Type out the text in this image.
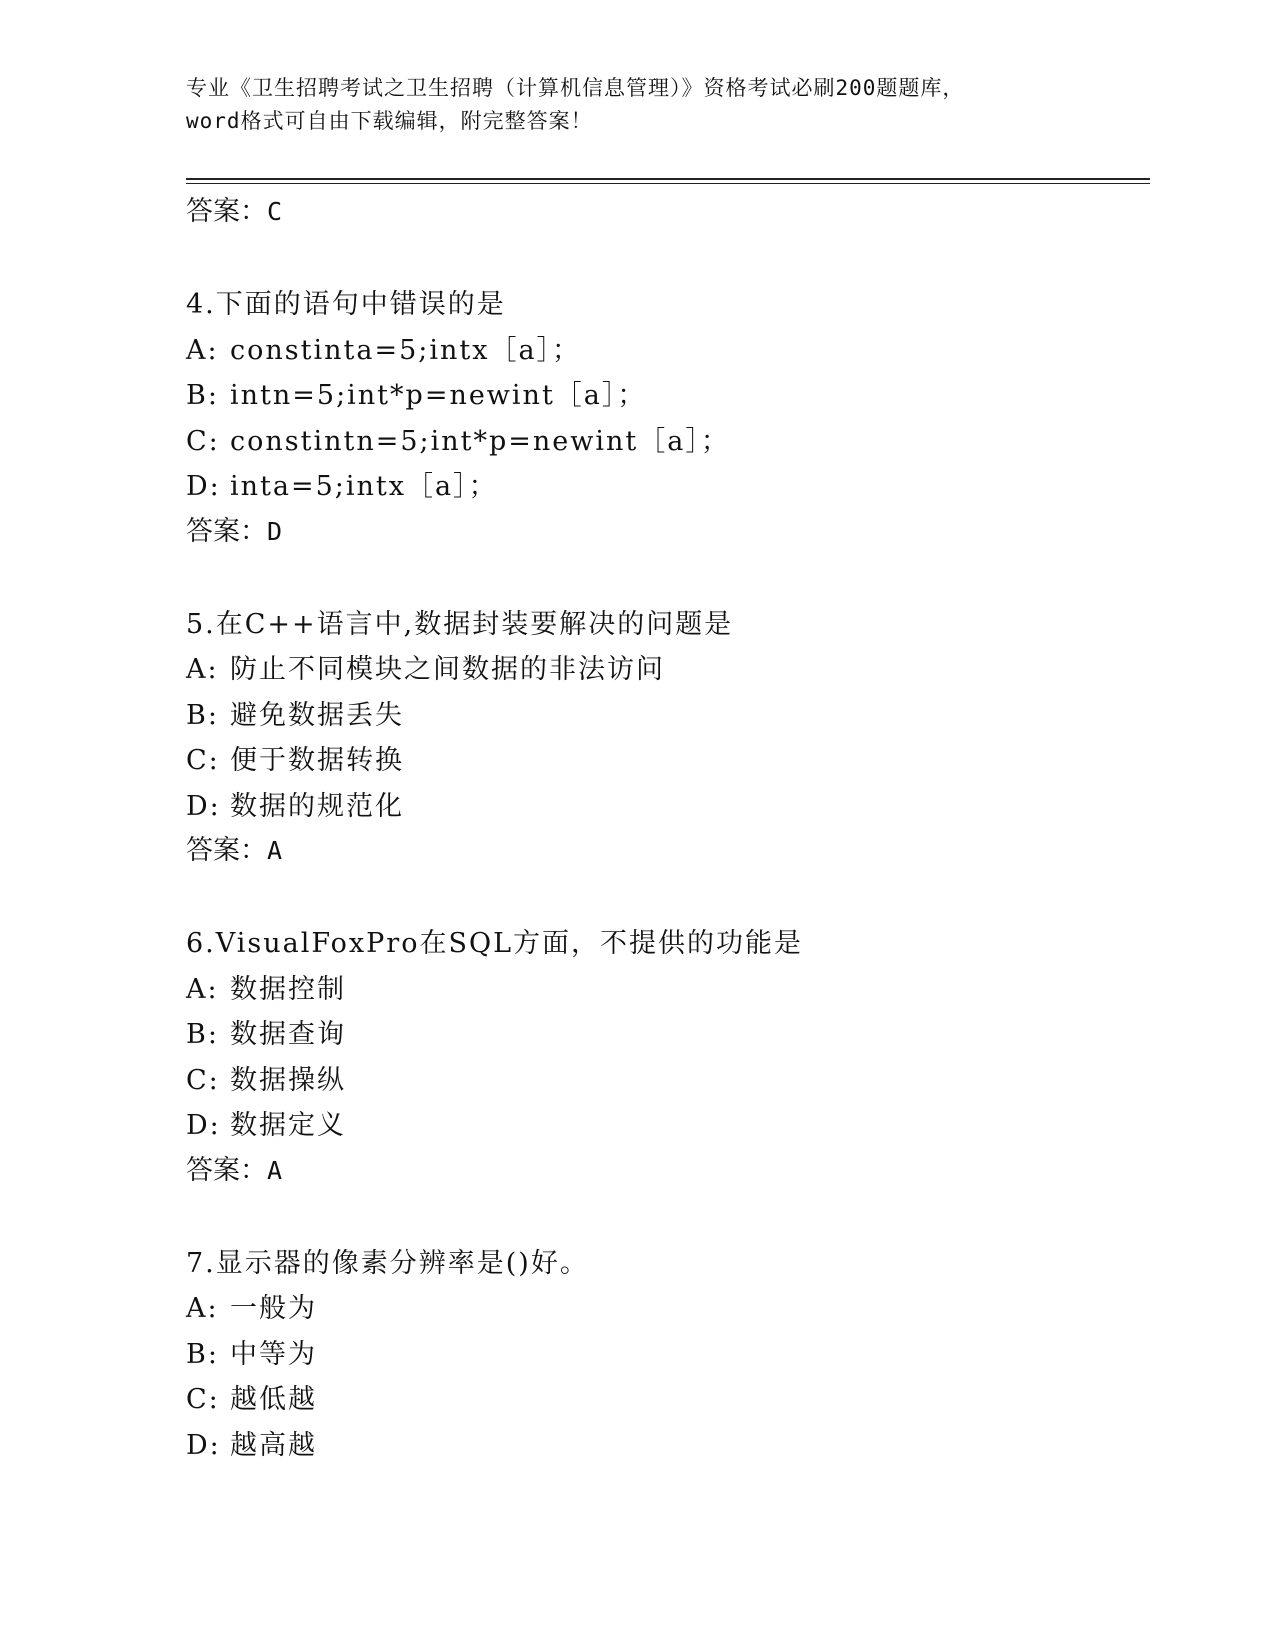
专业《卫生招聘考试之卫生招聘（计算机信息管理）》资格考试必刷200题题库，
word格式可自由下载编辑，附完整答案！
答案：C
4.下面的语句中错误的是
A: constinta=5;intx［a］；
B: intn=5;int*p=newint［a］；
C: constintn=5;int*p=newint［a］；
D: inta=5;intx［a］；
答案：D
5.在C++语言中,数据封装要解决的问题是
A: 防止不同模块之间数据的非法访问
B: 避免数据丢失
C: 便于数据转换
D: 数据的规范化
答案：A
6.VisualFoxPro在SQL方面，不提供的功能是
A: 数据控制
B: 数据查询
C: 数据操纵
D: 数据定义
答案：A
7.显示器的像素分辨率是()好。
A: 一般为
B: 中等为
C: 越低越
D: 越高越
